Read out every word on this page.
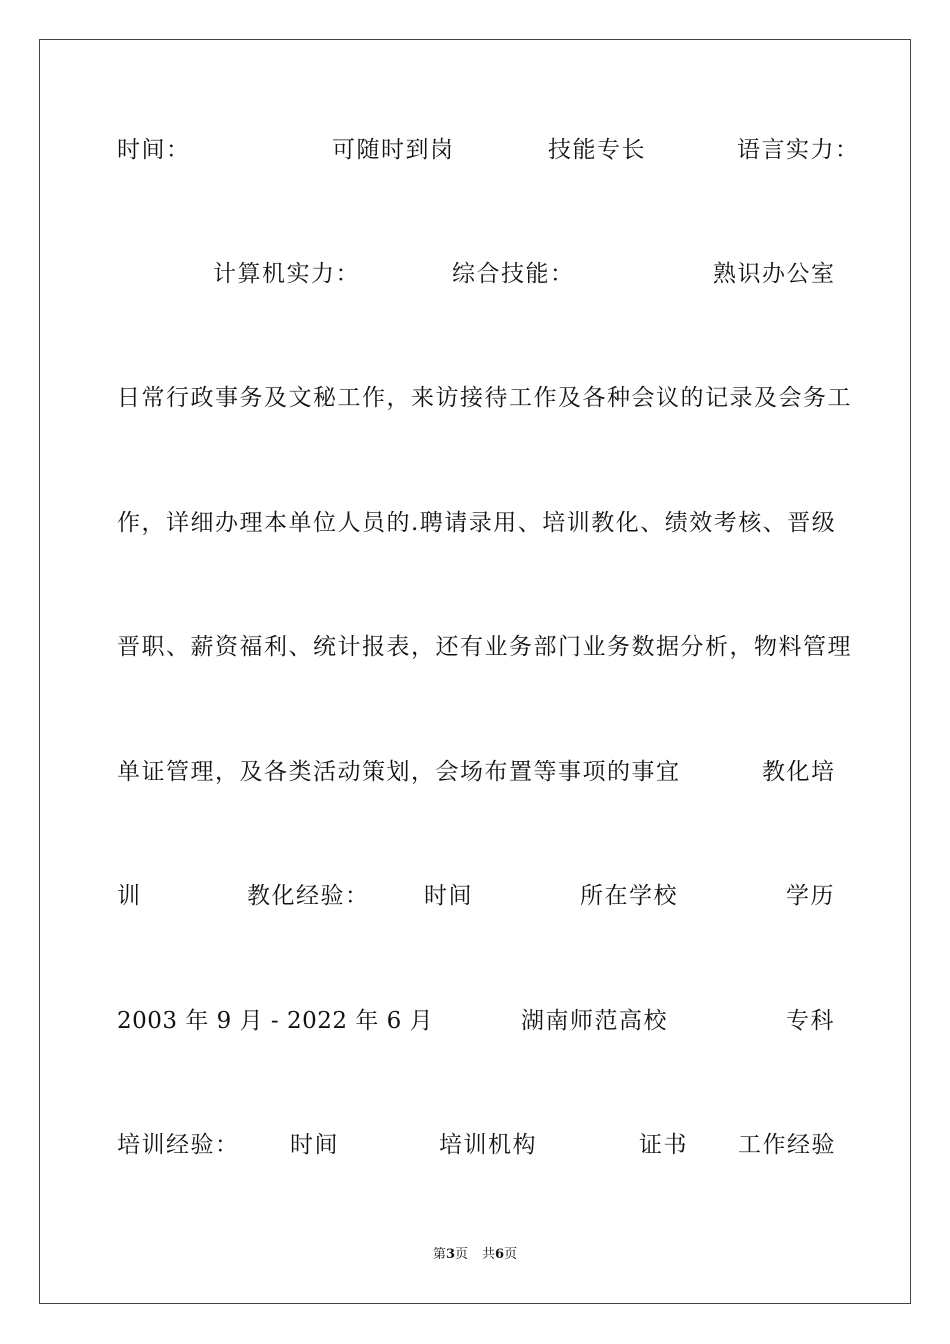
时间：	可随时到岗	技能专长	语言实力：
计算机实力：	综合技能：	熟识办公室
日常行政事务及文秘工作，来访接待工作及各种会议的记录及会务工
作，详细办理本单位人员的.聘请录用、培训教化、绩效考核、晋级
晋职、薪资福利、统计报表，还有业务部门业务数据分析，物料管理
单证管理，及各类活动策划，会场布置等事项的事宜	教化培
训	教化经验： 时间	所在学校	学历
2003 年 9 月 - 2022 年 6 月	湖南师范高校	专科
培训经验： 时间	培训机构	证书 工作经验
第3页 共6页
